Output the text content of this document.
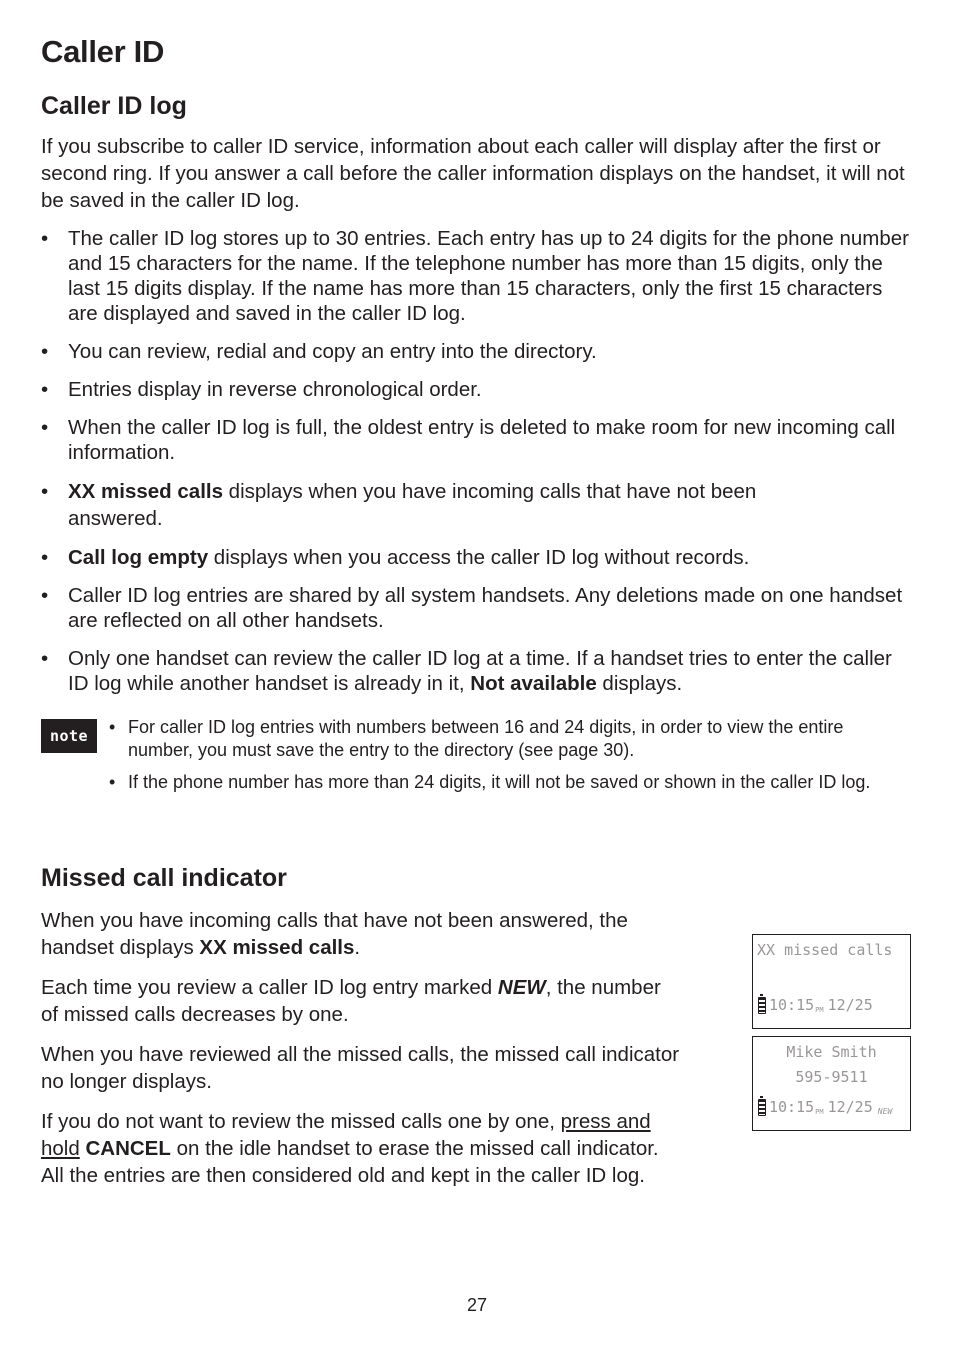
Caller ID
Caller ID log

If you subscribe to caller ID service, information about each caller will display after the first or second ring. If you answer a call before the caller information displays on the handset, it will not be saved in the caller ID log.

• The caller ID log stores up to 30 entries. Each entry has up to 24 digits for the phone number and 15 characters for the name. If the telephone number has more than 15 digits, only the last 15 digits display. If the name has more than 15 characters, only the first 15 characters are displayed and saved in the caller ID log.
• You can review, redial and copy an entry into the directory.
• Entries display in reverse chronological order.
• When the caller ID log is full, the oldest entry is deleted to make room for new incoming call information.
• XX missed calls displays when you have incoming calls that have not been answered.
• Call log empty displays when you access the caller ID log without records.
• Caller ID log entries are shared by all system handsets. Any deletions made on one handset are reflected on all other handsets.
• Only one handset can review the caller ID log at a time. If a handset tries to enter the caller ID log while another handset is already in it, Not available displays.
note
•	For caller ID log entries with numbers between 16 and 24 digits, in order to view the entire number, you must save the entry to the directory (see page 30).
• If the phone number has more than 24 digits, it will not be saved or shown in the caller ID log.
Missed call indicator

When you have incoming calls that have not been answered, the handset displays XX missed calls.

Each time you review a caller ID log entry marked NEW, the number of missed calls decreases by one.

When you have reviewed all the missed calls, the missed call indicator no longer displays.

If you do not want to review the missed calls one by one, press and hold CANCEL on the idle handset to erase the missed call indicator. All the entries are then considered old and kept in the caller ID log.

XX missed calls
10:15 PM 12/25
Mike Smith
595-9511
10:15 PM 12/25 NEW
27
